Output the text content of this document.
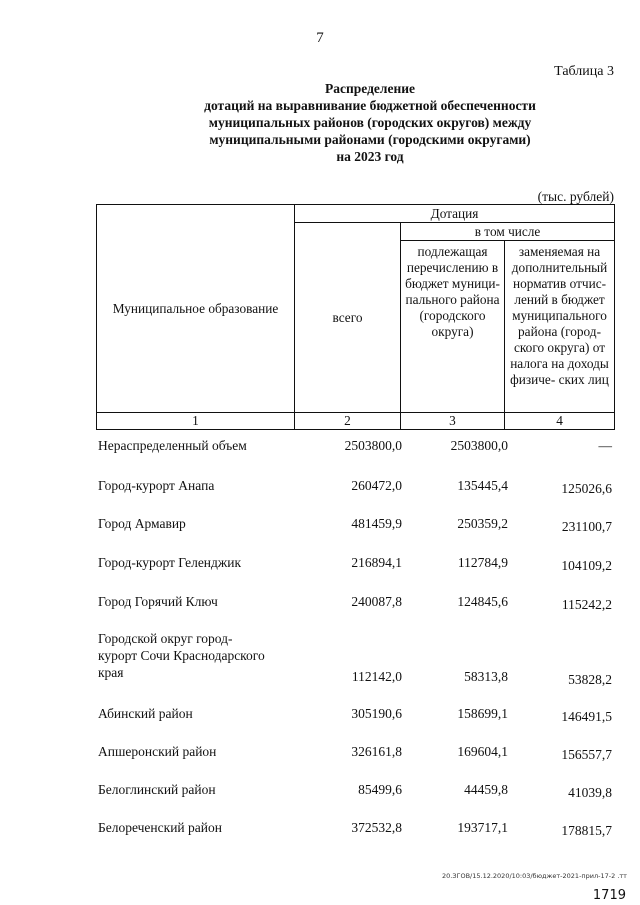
7
Таблица 3
Распределение
дотаций на выравнивание бюджетной обеспеченности
муниципальных районов (городских округов) между
муниципальными районами (городскими округами)
на 2023 год
(тыс. рублей)
Муниципальное образование	Дотация		
	всего	в том числе	
		подлежащая перечислению в бюджет муници- пального района (городского округа)	заменяемая на дополнительный норматив отчис- лений в бюджет муниципального района (город- ского округа) от налога на доходы физиче- ских лиц
1	2	3	4
Нераспределенный объем	2503800,0	2503800,0	—
Город-курорт Анапа	260472,0	135445,4	125026,6
Город Армавир	481459,9	250359,2	231100,7
Город-курорт Геленджик	216894,1	112784,9	104109,2
Город Горячий Ключ	240087,8	124845,6	115242,2
Городской округ город-курорт Сочи Краснодарского края	112142,0	58313,8	53828,2
Абинский район	305190,6	158699,1	146491,5
Апшеронский район	326161,8	169604,1	156557,7
Белоглинский район	85499,6	44459,8	41039,8
Белореченский район	372532,8	193717,1	178815,7
20.ЗГОВ/15.12.2020/10:03/бюджет-2021-прил-17-2 .тт
1719
